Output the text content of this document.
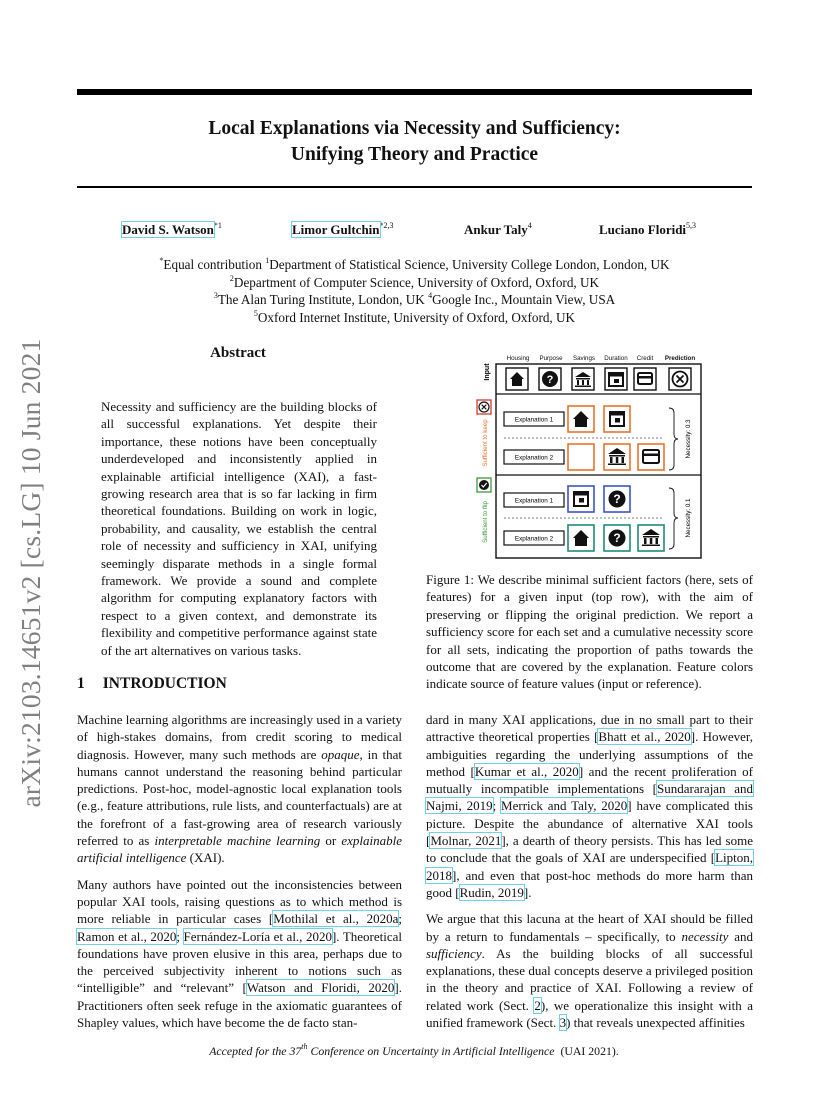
Local Explanations via Necessity and Sufficiency:
Unifying Theory and Practice
David S. Watson$^{*1}$	Limor Gultchin$^{*2,3}$	Ankur Taly$^4$	Luciano Floridi$^{5,3}$
*Equal contribution $^1$Department of Statistical Science, University College London, London, UK
$^2$Department of Computer Science, University of Oxford, Oxford, UK
$^3$The Alan Turing Institute, London, UK $^4$Google Inc., Mountain View, USA
$^5$Oxford Internet Institute, University of Oxford, Oxford, UK
arXiv:2103.14651v2 [cs.LG] 10 Jun 2021	Abstract
Necessity and sufficiency are the building blocks of all successful explanations. Yet despite their importance, these notions have been conceptually underdeveloped and inconsistently applied in explainable artificial intelligence (XAI), a fast-growing research area that is so far lacking in firm theoretical foundations. Building on work in logic, probability, and causality, we establish the central role of necessity and sufficiency in XAI, unifying seemingly disparate methods in a single formal framework. We provide a sound and complete algorithm for computing explanatory factors with respect to a given context, and demonstrate its flexibility and competitive performance against state of the art alternatives on various tasks.
1 INTRODUCTION

Machine learning algorithms are increasingly used in a variety of high-stakes domains, from credit scoring to medical diagnosis. However, many such methods are opaque, in that humans cannot understand the reasoning behind particular predictions. Post-hoc, model-agnostic local explanation tools (e.g., feature attributions, rule lists, and counterfactuals) are at the forefront of a fast-growing area of research variously referred to as interpretable machine learning or explainable artificial intelligence (XAI).

Many authors have pointed out the inconsistencies between popular XAI tools, raising questions as to which method is more reliable in particular cases [Mothilal et al., 2020a; Ramon et al., 2020; Fernández-Loría et al., 2020]. Theoretical foundations have proven elusive in this area, perhaps due to the perceived subjectivity inherent to notions such as “intelligible” and “relevant” [Watson and Floridi, 2020]. Practitioners often seek refuge in the axiomatic guarantees of Shapley values, which have become the de facto stan-

dard in many XAI applications, due in no small part to their attractive theoretical properties [Bhatt et al., 2020]. However, ambiguities regarding the underlying assumptions of the method [Kumar et al., 2020] and the recent proliferation of mutually incompatible implementations [Sundararajan and Najmi, 2019; Merrick and Taly, 2020] have complicated this picture. Despite the abundance of alternative XAI tools [Molnar, 2021], a dearth of theory persists. This has led some to conclude that the goals of XAI are underspecified [Lipton, 2018], and even that post-hoc methods do more harm than good [Rudin, 2019].

We argue that this lacuna at the heart of XAI should be filled by a return to fundamentals – specifically, to necessity and sufficiency. As the building blocks of all successful explanations, these dual concepts deserve a privileged position in the theory and practice of XAI. Following a review of related work (Sect. 2), we operationalize this insight with a unified framework (Sect. 3) that reveals unexpected affinities

Housing Purpose Savings Duration Credit Prediction
Input	?
Sufficient to keep	Explanation 1
Explanation 2	Necessity: 0.3
Sufficient to flip
Explanation 1	?
Explanation 2	?
Necessity: 0.1
Figure 1: We describe minimal sufficient factors (here, sets of features) for a given input (top row), with the aim of preserving or flipping the original prediction. We report a sufficiency score for each set and a cumulative necessity score for all sets, indicating the proportion of paths towards the outcome that are covered by the explanation. Feature colors indicate source of feature values (input or reference).
Accepted for the 37th Conference on Uncertainty in Artificial Intelligence (UAI 2021).
